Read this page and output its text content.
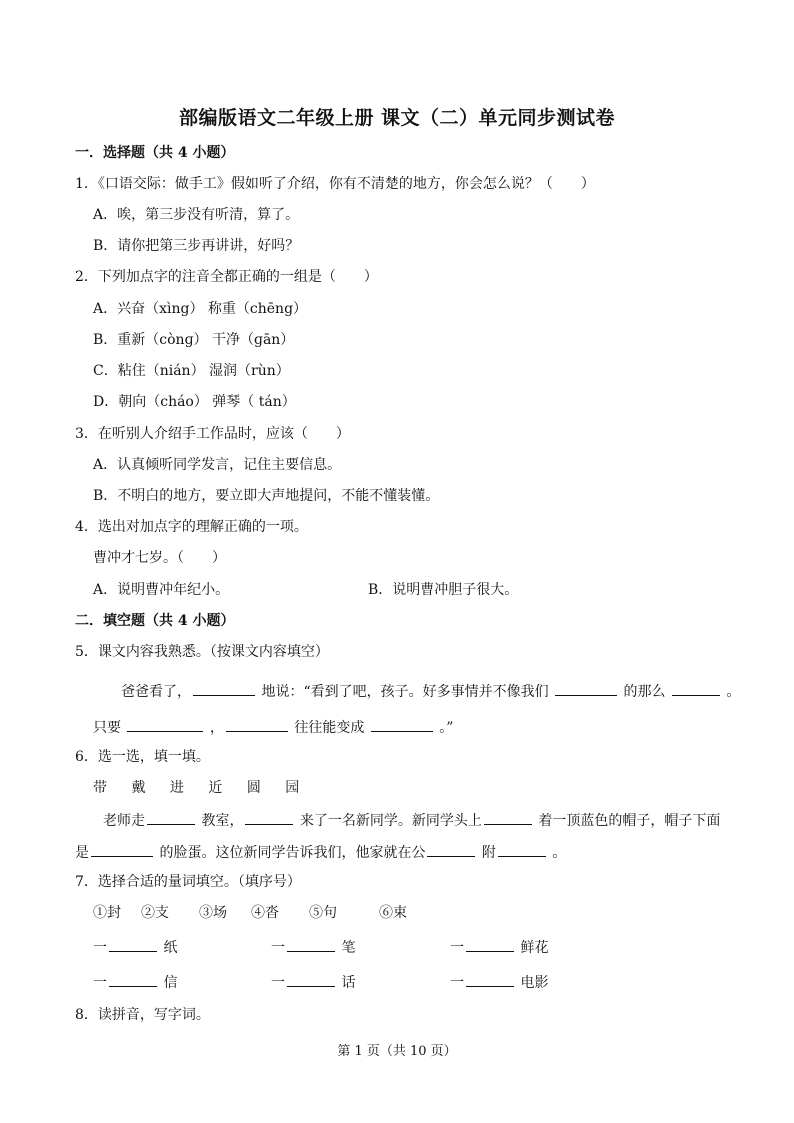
部编版语文二年级上册 课文（二）单元同步测试卷
一．选择题（共 4 小题）
1．《口语交际：做手工》假如听了介绍，你有不清楚的地方，你会怎么说？（　　）
A．唉，第三步没有听清，算了。
B．请你把第三步再讲讲，好吗？
2．下列加点字的注音全都正确的一组是（　　）
A．兴奋（xìng） 称重（chēng）
B．重新（cònɡ） 干净（ɡān）
C．粘住（nián） 湿润（rùn）
D．朝向（cháo） 弹琴（ tán）
3．在听别人介绍手工作品时，应该（　　）
A．认真倾听同学发言，记住主要信息。
B．不明白的地方，要立即大声地提问，不能不懂装懂。
4．选出对加点字的理解正确的一项。
曹冲才七岁。（　　）
A．说明曹冲年纪小。	B．说明曹冲胆子很大。
二．填空题（共 4 小题）
5．课文内容我熟悉。（按课文内容填空）
爸爸看了，	地说：“看到了吧，孩子。好多事情并不像我们	的那么	。
只要	，	往往能变成	。”
6．选一选，填一填。
带 戴 进 近 圆 园
老师走	教室，	来了一名新同学。新同学头上	着一顶蓝色的帽子，帽子下面
是	的脸蛋。这位新同学告诉我们，他家就在公	附	。
7．选择合适的量词填空。（填序号）
①封 ②支 ③场 ④沓 ⑤句	⑥束
一	纸	一	笔	一	鲜花
一	信	一	话	一	电影
8．读拼音，写字词。
第 1 页（共 10 页）
